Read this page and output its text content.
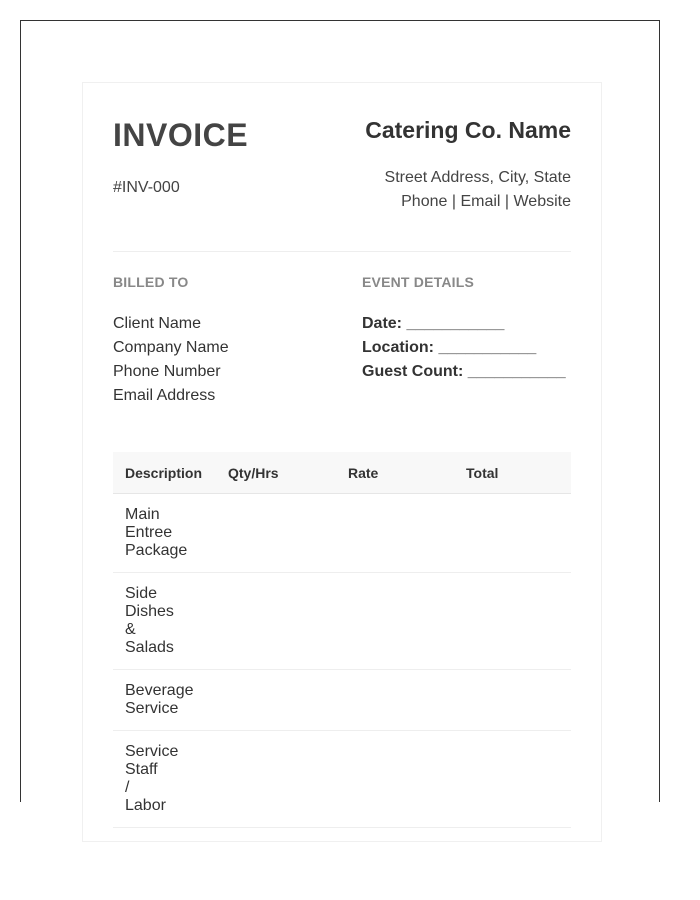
INVOICE
#INV-000
Catering Co. Name
Street Address, City, State
Phone | Email | Website
BILLED TO
Client Name
Company Name
Phone Number
Email Address
EVENT DETAILS
Date: ___________
Location: ___________
Guest Count: ___________
Description	Qty/Hrs	Rate	Total
Main Entree Package			
Side Dishes & Salads			
Beverage Service			
Service Staff / Labor			
